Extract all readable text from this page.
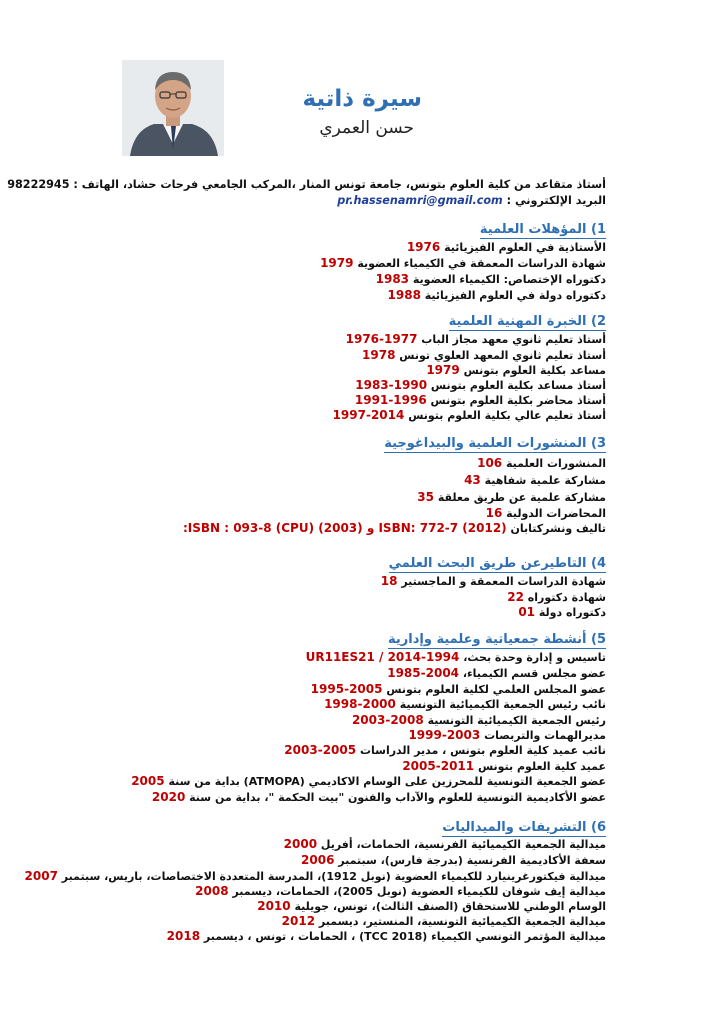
سيرة ذاتية
حسن العمري
أستاذ متقاعد من كلية العلوم بتونس، جامعة تونس المنار ،المركب الجامعي فرحات حشاد، الهاتف : 98222945
البريد الإلكتروني : pr.hassenamri@gmail.com
1) المؤهلات العلمية
الأستاذية في العلوم الفيزيائية 1976
شهادة الدراسات المعمقة في الكيمياء العضوية 1979
دكتوراه الإختصاص: الكيمياء العضوية 1983
دكتوراه دولة في العلوم الفيزيائية 1988
2) الخبرة المهنية العلمية
أستاذ تعليم ثانوي معهد مجاز الباب 1977-1976
أستاذ تعليم ثانوي المعهد العلوي تونس 1978
مساعد بكلية العلوم بتونس 1979
أستاذ مساعد بكلية العلوم بتونس 1990-1983
أستاذ محاضر بكلية العلوم بتونس 1996-1991
أستاذ تعليم عالي بكلية العلوم بتونس 2014-1997
3) المنشورات العلمية والبيداغوجية
المنشورات العلمية 106
مشاركة علمية شفاهية 43
مشاركة علمية عن طريق معلقة 35
المحاضرات الدولية 16
تاليف ونشركتابان ISBN: 772-7 (2012) و (2003) ISBN : 093-8 (CPU):
4) التاطيرعن طريق البحث العلمي
شهادة الدراسات المعمقة و الماجستير 18
شهادة دكتوراه 22
دكتوراه دولة 01
5) أنشطة جمعياتية وعلمية وإدارية
تاسيس و إدارة وحدة بحث، UR11ES21 / 2014-1994
عضو مجلس قسم الكيمياء، 2004-1985
عضو المجلس العلمي لكلية العلوم بتونس 2005-1995
نائب رئيس الجمعية الكيميائية التونسية 2000-1998
رئيس الجمعية الكيميائية التونسية 2008-2003
مديرالهمات والتربصات 2003-1999
نائب عميد كلية العلوم بتونس ، مدير الدراسات 2005-2003
عميد كلية العلوم بتونس 2011-2005
عضو الجمعية التونسية للمحرزين على الوسام الاكاديمي (ATMOPA) بداية من سنة 2005
عضو الأكاديمية التونسية للعلوم والآداب والفنون "بيت الحكمة "، بداية من سنة 2020
6) التشريفات والميداليات
ميدالية الجمعية الكيميائية الفرنسية، الحمامات، أفريل 2000
سعفة الأكاديمية الفرنسية (بدرجة فارس)، سبتمبر 2006
ميدالية فيكتورغرينيارد للكيمياء العضوية (نوبل 1912)، المدرسة المتعددة الاختصاصات، باريس، سبتمبر 2007
ميدالية إيف شوفان للكيمياء العضوية (نوبل 2005)، الحمامات، ديسمبر 2008
الوسام الوطني للاستحقاق (الصنف الثالث)، تونس، جويلية 2010
ميدالية الجمعية الكيميائية التونسية، المنستير، ديسمبر 2012
ميدالية المؤتمر التونسي الكيمياء (TCC 2018) ، الحمامات ، تونس ، ديسمبر 2018
